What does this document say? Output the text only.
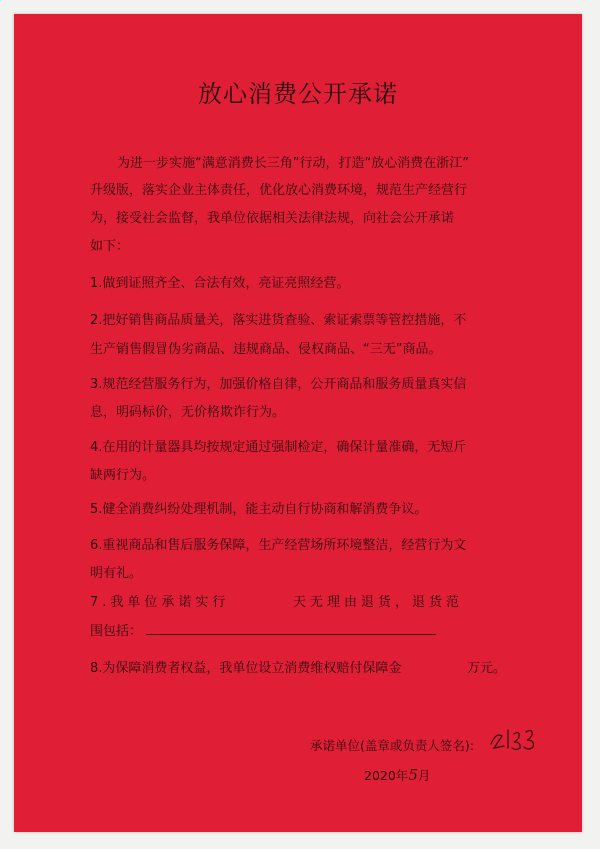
放心消费公开承诺
为进一步实施“满意消费长三角”行动，打造“放心消费在浙江”
升级版，落实企业主体责任，优化放心消费环境，规范生产经营行
为，接受社会监督，我单位依据相关法律法规，向社会公开承诺
如下：
1.做到证照齐全、合法有效，亮证亮照经营。
2.把好销售商品质量关，落实进货查验、索证索票等管控措施，不
生产销售假冒伪劣商品、违规商品、侵权商品、“三无”商品。
3.规范经营服务行为，加强价格自律，公开商品和服务质量真实信
息，明码标价，无价格欺诈行为。
4.在用的计量器具均按规定通过强制检定，确保计量准确，无短斤
缺两行为。
5.健全消费纠纷处理机制，能主动自行协商和解消费争议。
6.重视商品和售后服务保障，生产经营场所环境整洁，经营行为文
明有礼。
7.我单位承诺实行	天无理由退货，退货范
围包括：
8.为保障消费者权益，我单位设立消费维权赔付保障金	万元。
承诺单位(盖章或负责人签名):
2020年5月
